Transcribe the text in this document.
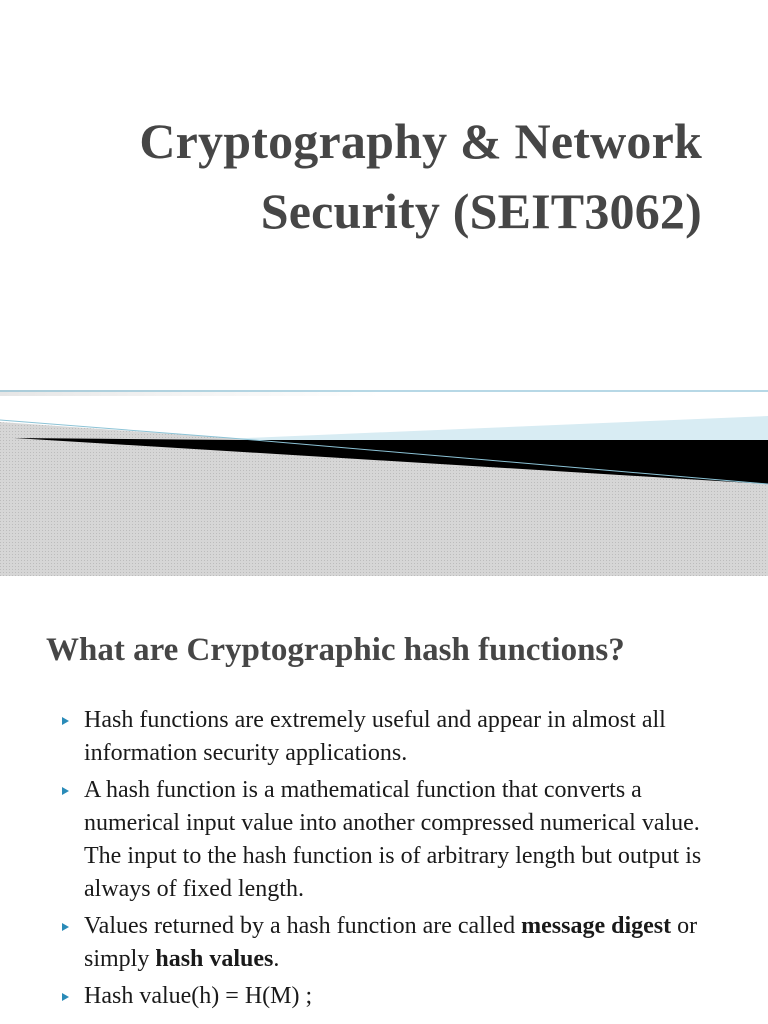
Cryptography & Network
Security (SEIT3062)
What are Cryptographic hash functions?
Hash functions are extremely useful and appear in almost all information security applications.
A hash function is a mathematical function that converts a numerical input value into another compressed numerical value. The input to the hash function is of arbitrary length but output is always of fixed length.
Values returned by a hash function are called message digest or simply hash values.
Hash value(h) = H(M) ;
